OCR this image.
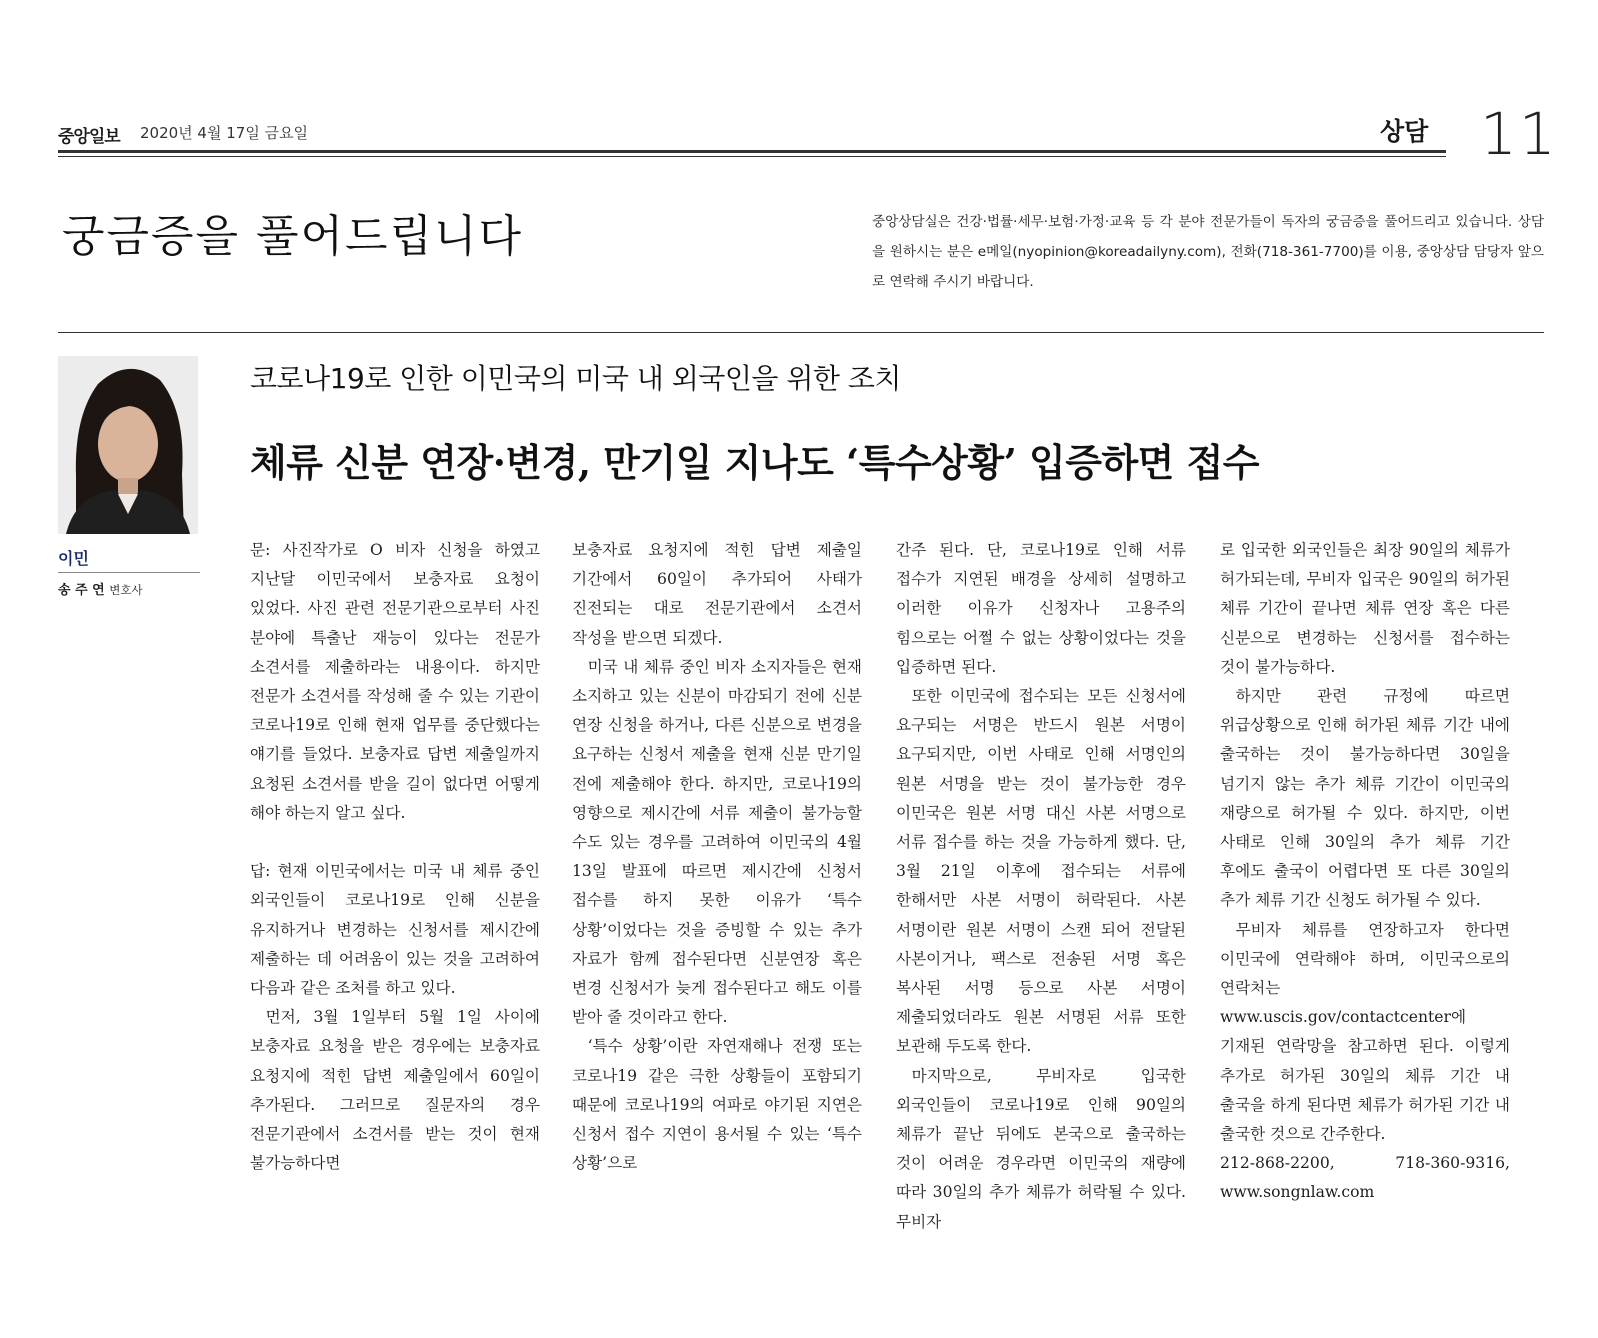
중앙일보 2020년 4월 17일 금요일	상담 11
궁금증을 풀어드립니다	중앙상담실은 건강·법률·세무·보험·가정·교육 등 각 분야 전문가들이 독자의 궁금증을 풀어드리고 있습니다. 상담을 원하시는 분은 e메일(nyopinion@koreadailyny.com), 전화(718-361-7700)를 이용, 중앙상담 담당자 앞으로 연락해 주시기 바랍니다.
이민
송 주 연 변호사
코로나19로 인한 이민국의 미국 내 외국인을 위한 조치
체류 신분 연장·변경, 만기일 지나도 ‘특수상황’ 입증하면 접수

문: 사진작가로 O 비자 신청을 하였고 지난달 이민국에서 보충자료 요청이 있었다. 사진 관련 전문기관으로부터 사진 분야에 특출난 재능이 있다는 전문가 소견서를 제출하라는 내용이다. 하지만 전문가 소견서를 작성해 줄 수 있는 기관이 코로나19로 인해 현재 업무를 중단했다는 얘기를 들었다. 보충자료 답변 제출일까지 요청된 소견서를 받을 길이 없다면 어떻게 해야 하는지 알고 싶다.

답: 현재 이민국에서는 미국 내 체류 중인 외국인들이 코로나19로 인해 신분을 유지하거나 변경하는 신청서를 제시간에 제출하는 데 어려움이 있는 것을 고려하여 다음과 같은 조처를 하고 있다.

먼저, 3월 1일부터 5월 1일 사이에 보충자료 요청을 받은 경우에는 보충자료 요청지에 적힌 답변 제출일에서 60일이 추가된다. 그러므로 질문자의 경우 전문기관에서 소견서를 받는 것이 현재 불가능하다면

보충자료 요청지에 적힌 답변 제출일 기간에서 60일이 추가되어 사태가 진전되는 대로 전문기관에서 소견서 작성을 받으면 되겠다.

미국 내 체류 중인 비자 소지자들은 현재 소지하고 있는 신분이 마감되기 전에 신분 연장 신청을 하거나, 다른 신분으로 변경을 요구하는 신청서 제출을 현재 신분 만기일 전에 제출해야 한다. 하지만, 코로나19의 영향으로 제시간에 서류 제출이 불가능할 수도 있는 경우를 고려하여 이민국의 4월 13일 발표에 따르면 제시간에 신청서 접수를 하지 못한 이유가 ‘특수 상황’이었다는 것을 증빙할 수 있는 추가 자료가 함께 접수된다면 신분연장 혹은 변경 신청서가 늦게 접수된다고 해도 이를 받아 줄 것이라고 한다.

‘특수 상황’이란 자연재해나 전쟁 또는 코로나19 같은 극한 상황들이 포함되기 때문에 코로나19의 여파로 야기된 지연은 신청서 접수 지연이 용서될 수 있는 ‘특수 상황’으로

간주 된다. 단, 코로나19로 인해 서류 접수가 지연된 배경을 상세히 설명하고 이러한 이유가 신청자나 고용주의 힘으로는 어쩔 수 없는 상황이었다는 것을 입증하면 된다.

또한 이민국에 접수되는 모든 신청서에 요구되는 서명은 반드시 원본 서명이 요구되지만, 이번 사태로 인해 서명인의 원본 서명을 받는 것이 불가능한 경우 이민국은 원본 서명 대신 사본 서명으로 서류 접수를 하는 것을 가능하게 했다. 단, 3월 21일 이후에 접수되는 서류에 한해서만 사본 서명이 허락된다. 사본 서명이란 원본 서명이 스캔 되어 전달된 사본이거나, 팩스로 전송된 서명 혹은 복사된 서명 등으로 사본 서명이 제출되었더라도 원본 서명된 서류 또한 보관해 두도록 한다.

마지막으로, 무비자로 입국한 외국인들이 코로나19로 인해 90일의 체류가 끝난 뒤에도 본국으로 출국하는 것이 어려운 경우라면 이민국의 재량에 따라 30일의 추가 체류가 허락될 수 있다. 무비자

로 입국한 외국인들은 최장 90일의 체류가 허가되는데, 무비자 입국은 90일의 허가된 체류 기간이 끝나면 체류 연장 혹은 다른 신분으로 변경하는 신청서를 접수하는 것이 불가능하다.

하지만 관련 규정에 따르면 위급상황으로 인해 허가된 체류 기간 내에 출국하는 것이 불가능하다면 30일을 넘기지 않는 추가 체류 기간이 이민국의 재량으로 허가될 수 있다. 하지만, 이번 사태로 인해 30일의 추가 체류 기간 후에도 출국이 어렵다면 또 다른 30일의 추가 체류 기간 신청도 허가될 수 있다.

무비자 체류를 연장하고자 한다면 이민국에 연락해야 하며, 이민국으로의 연락처는 www.uscis.gov/contactcenter에 기재된 연락망을 참고하면 된다. 이렇게 추가로 허가된 30일의 체류 기간 내 출국을 하게 된다면 체류가 허가된 기간 내 출국한 것으로 간주한다.

212-868-2200, 718-360-9316, www.songnlaw.com
